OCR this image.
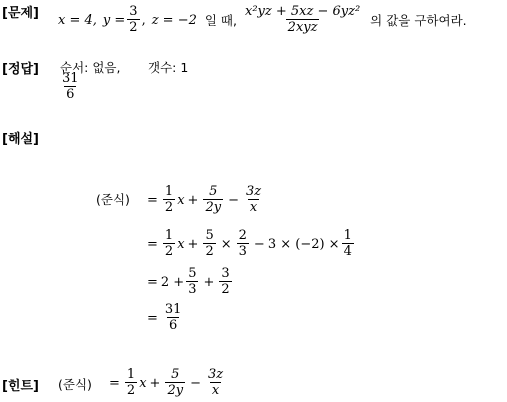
[문제] x = 4, $y = \frac{3}{2}$ , z = −2 일 때, $\frac{\text{x²yz + 5xz − 6yz²}}{\text{2xyz}}$ 의 값을 구하여라.
[정답] 순서: 없음, 갯수: 1
$\frac{31}{6}$
[해설]
(준식) = $\frac{1}{2}$ $x + \frac{5}{2y} - \frac{3z}{x}$
= $\frac{1}{2}$ $x + \frac{5}{2} \times \frac{2}{3} - 3 \times (-2) \times \frac{1}{4}$
= $2 + \frac{5}{3} + \frac{3}{2}$
= $\frac{31}{6}$
[힌트] (준식) = $\frac{1}{2}$ $x + \frac{5}{2y} - \frac{3z}{x}$
